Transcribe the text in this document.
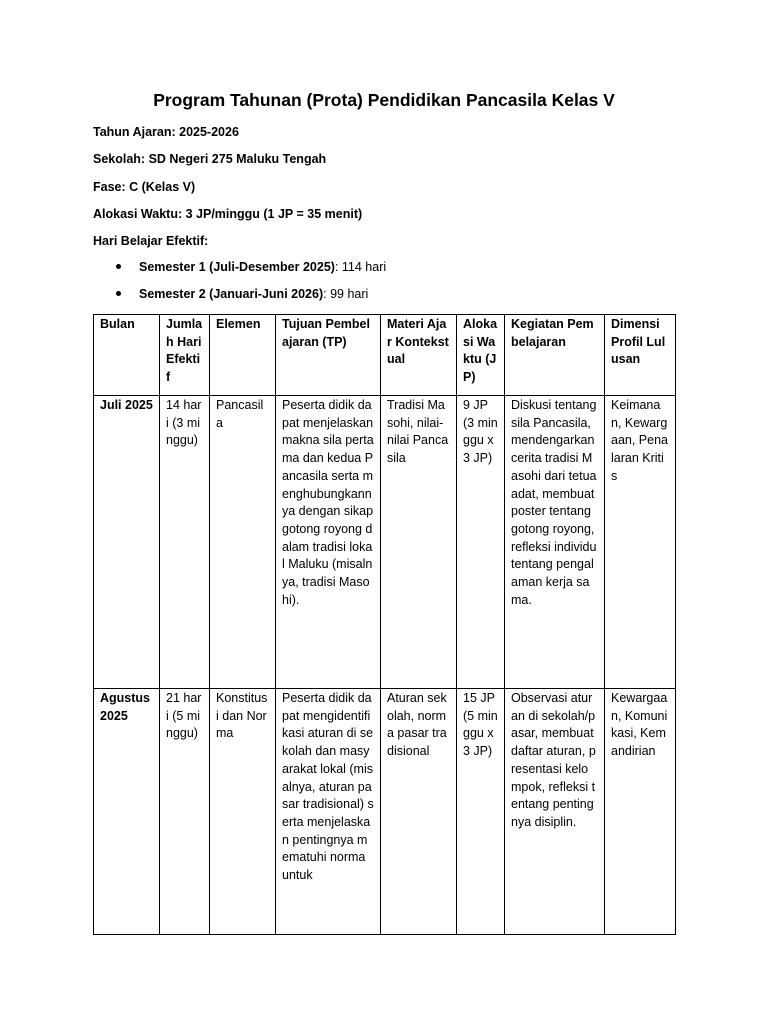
Program Tahunan (Prota) Pendidikan Pancasila Kelas V
Tahun Ajaran: 2025-2026
Sekolah: SD Negeri 275 Maluku Tengah
Fase: C (Kelas V)
Alokasi Waktu: 3 JP/minggu (1 JP = 35 menit)
Hari Belajar Efektif:
Semester 1 (Juli-Desember 2025): 114 hari
Semester 2 (Januari-Juni 2026): 99 hari
Bulan	Jumlah Hari Efektif	Elemen	Tujuan Pembelajaran (TP)	Materi Ajar Kontekstual	Alokasi Waktu (JP)	Kegiatan Pembelajaran	Dimensi Profil Lulusan
Juli 2025	14 hari (3 minggu)	Pancasila	Peserta didik dapat menjelaskan makna sila pertama dan kedua Pancasila serta menghubungkannya dengan sikap gotong royong dalam tradisi lokal Maluku (misalnya, tradisi Masohi).	Tradisi Masohi, nilai-nilai Pancasila	9 JP (3 minggu x 3 JP)	Diskusi tentang sila Pancasila, mendengarkan cerita tradisi Masohi dari tetua adat, membuat poster tentang gotong royong, refleksi individu tentang pengalaman kerja sama.	Keimanan, Kewargaan, Penalaran Kritis
Agustus 2025	21 hari (5 minggu)	Konstitusi dan Norma	Peserta didik dapat mengidentifikasi aturan di sekolah dan masyarakat lokal (misalnya, aturan pasar tradisional) serta menjelaskan pentingnya mematuhi norma untuk	Aturan sekolah, norma pasar tradisional	15 JP (5 minggu x 3 JP)	Observasi aturan di sekolah/pasar, membuat daftar aturan, presentasi kelompok, refleksi tentang pentingnya disiplin.	Kewargaan, Komunikasi, Kemandirian
